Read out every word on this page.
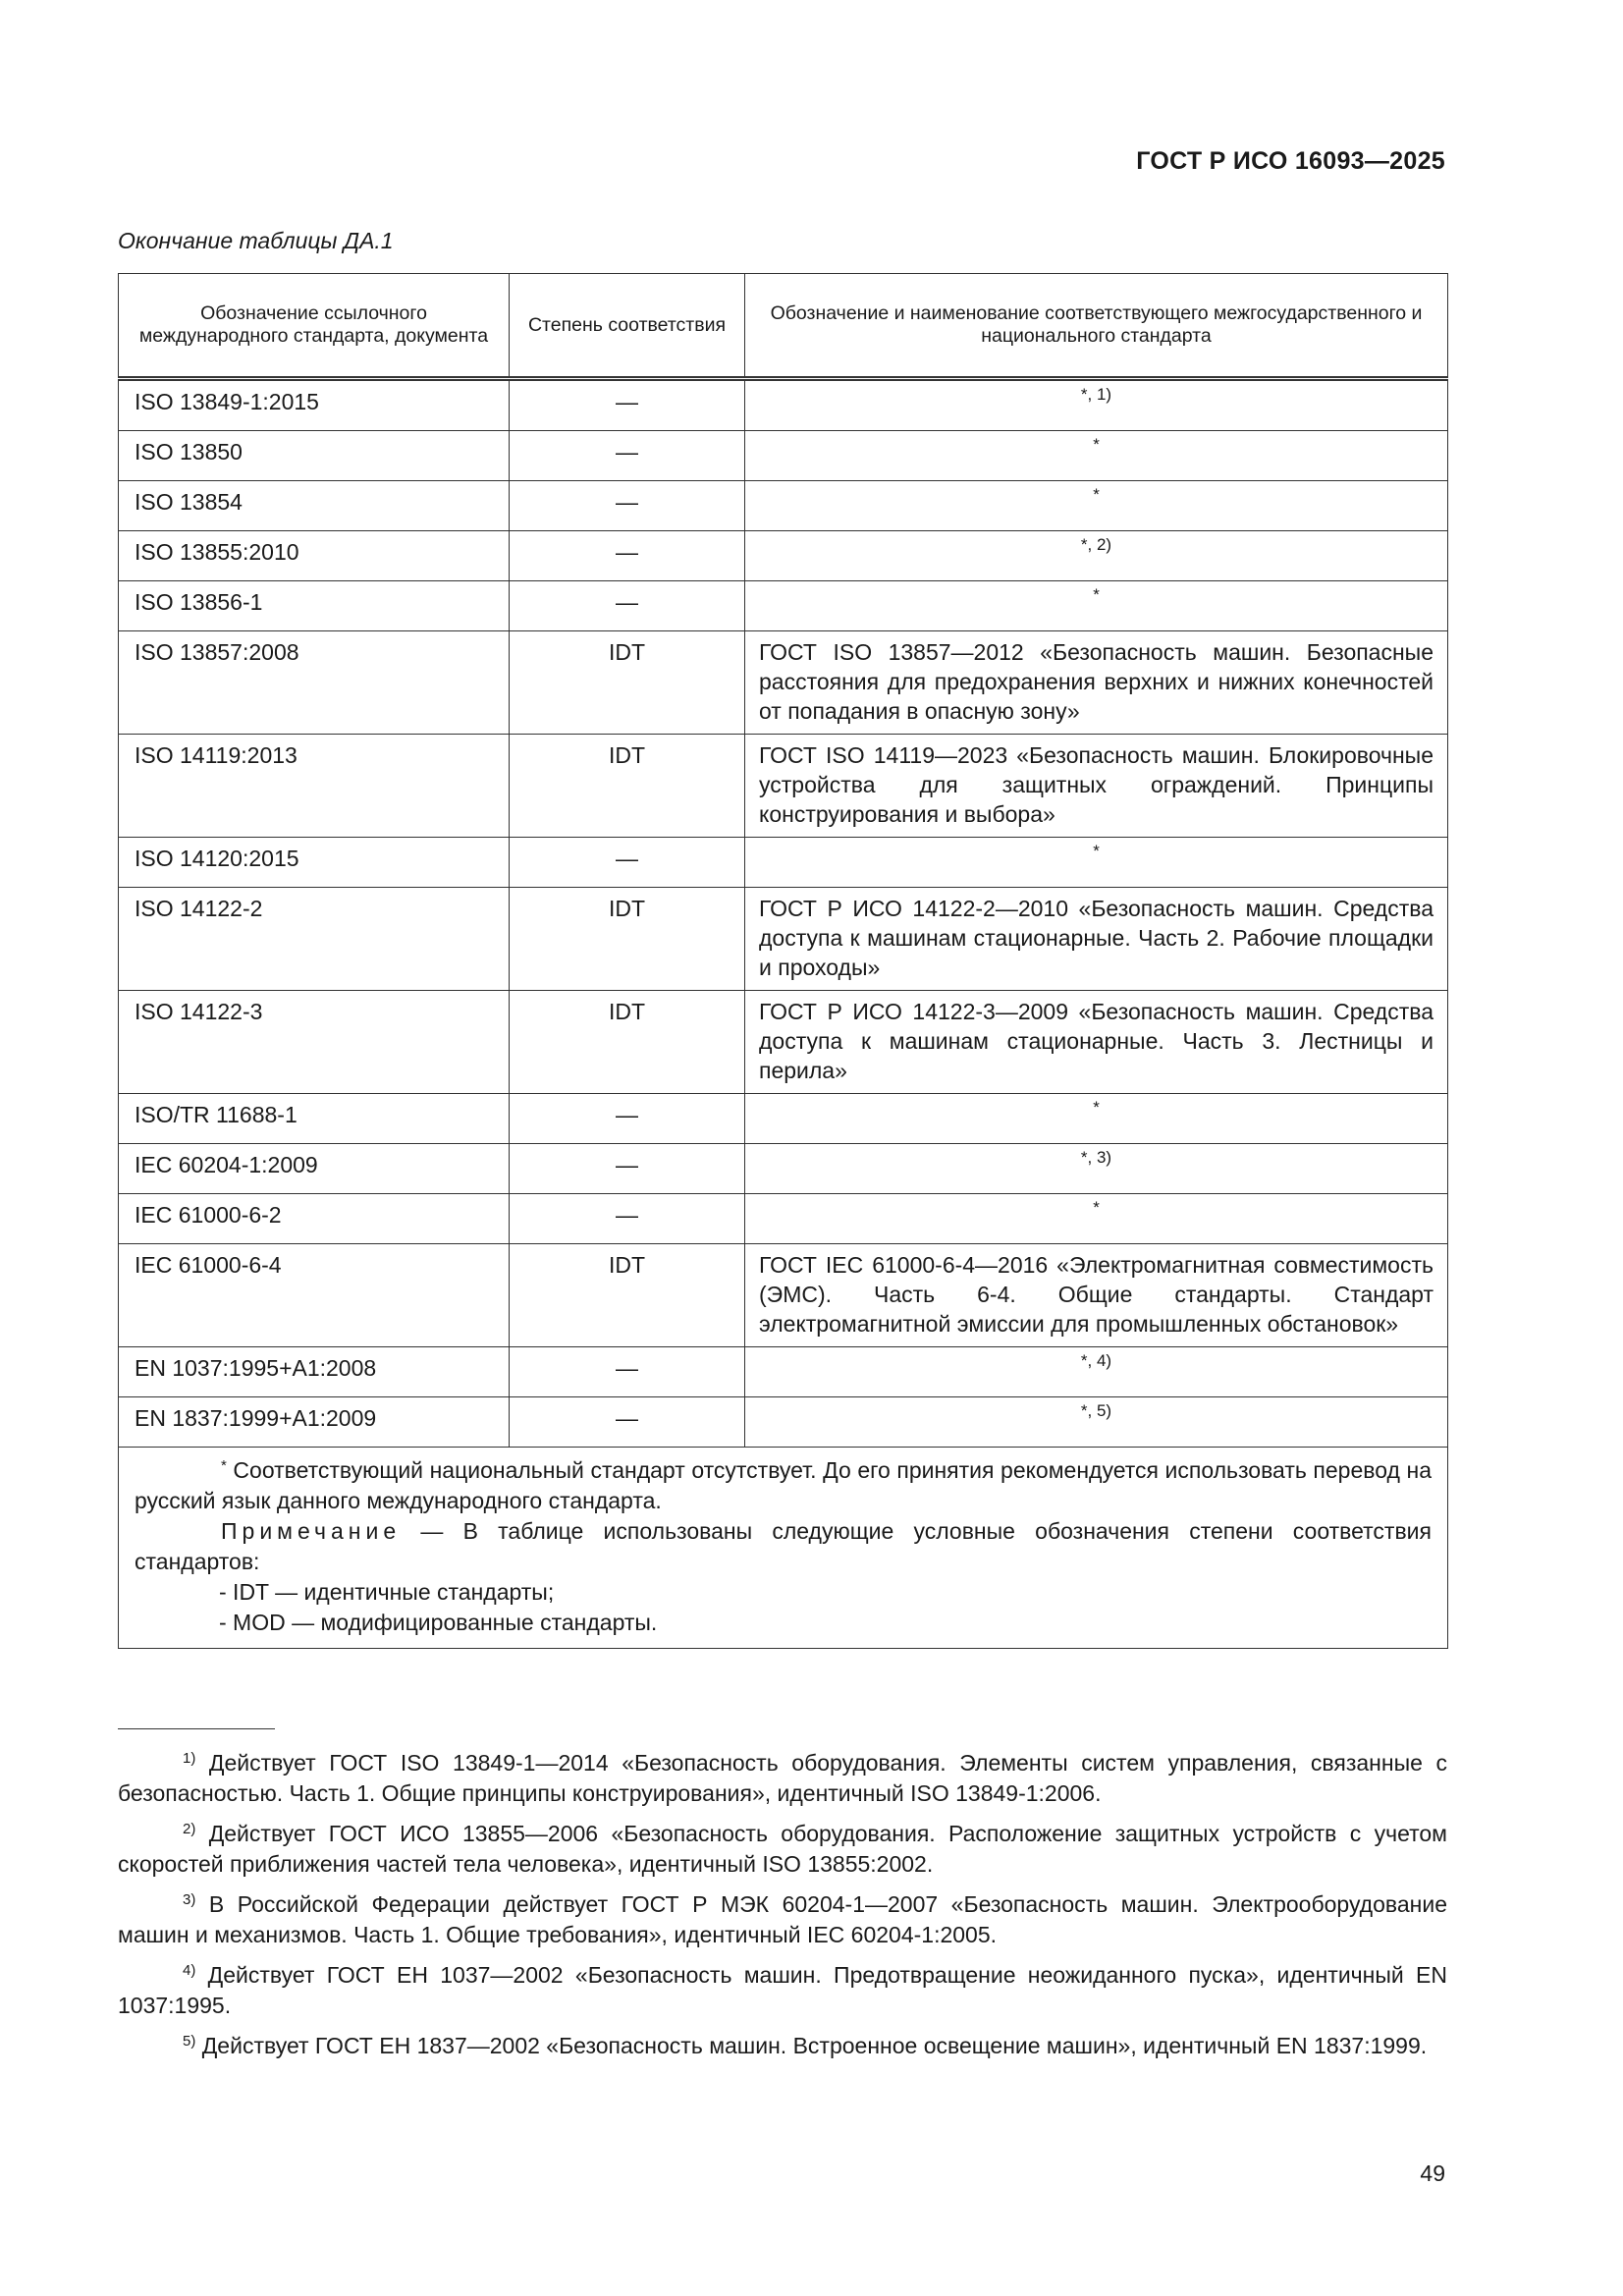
ГОСТ Р ИСО 16093—2025
Окончание таблицы ДА.1
Обозначение ссылочного международного стандарта, документа	Степень соответствия	Обозначение и наименование соответствующего межгосударственного и национального стандарта
ISO 13849-1:2015	—	*, 1)
ISO 13850	—	*
ISO 13854	—	*
ISO 13855:2010	—	*, 2)
ISO 13856-1	—	*
ISO 13857:2008	IDT	ГОСТ ISO 13857—2012 «Безопасность машин. Безопасные расстояния для предохранения верхних и нижних конечностей от попадания в опасную зону»
ISO 14119:2013	IDT	ГОСТ ISO 14119—2023 «Безопасность машин. Блокировочные устройства для защитных ограждений. Принципы конструирования и выбора»
ISO 14120:2015	—	*
ISO 14122-2	IDT	ГОСТ Р ИСО 14122-2—2010 «Безопасность машин. Средства доступа к машинам стационарные. Часть 2. Рабочие площадки и проходы»
ISO 14122-3	IDT	ГОСТ Р ИСО 14122-3—2009 «Безопасность машин. Средства доступа к машинам стационарные. Часть 3. Лестницы и перила»
ISO/TR 11688-1	—	*
IEC 60204-1:2009	—	*, 3)
IEC 61000-6-2	—	*
IEC 61000-6-4	IDT	ГОСТ IEC 61000-6-4—2016 «Электромагнитная совместимость (ЭМС). Часть 6-4. Общие стандарты. Стандарт электромагнитной эмиссии для промышленных обстановок»
EN 1037:1995+A1:2008	—	*, 4)
EN 1837:1999+A1:2009	—	*, 5)

* Соответствующий национальный стандарт отсутствует. До его принятия рекомендуется использовать перевод на русский язык данного международного стандарта.

Примечание — В таблице использованы следующие условные обозначения степени соответствия стандартов:

- IDT — идентичные стандарты;

- MOD — модифицированные стандарты.		

$^{1)}$ Действует ГОСТ ISO 13849-1—2014 «Безопасность оборудования. Элементы систем управления, связанные с безопасностью. Часть 1. Общие принципы конструирования», идентичный ISO 13849-1:2006.

$^{2)}$ Действует ГОСТ ИСО 13855—2006 «Безопасность оборудования. Расположение защитных устройств с учетом скоростей приближения частей тела человека», идентичный ISO 13855:2002.

$^{3)}$ В Российской Федерации действует ГОСТ Р МЭК 60204-1—2007 «Безопасность машин. Электрооборудование машин и механизмов. Часть 1. Общие требования», идентичный IEC 60204-1:2005.

$^{4)}$ Действует ГОСТ ЕН 1037—2002 «Безопасность машин. Предотвращение неожиданного пуска», идентичный EN 1037:1995.

$^{5)}$ Действует ГОСТ ЕН 1837—2002 «Безопасность машин. Встроенное освещение машин», идентичный EN 1837:1999.

49
